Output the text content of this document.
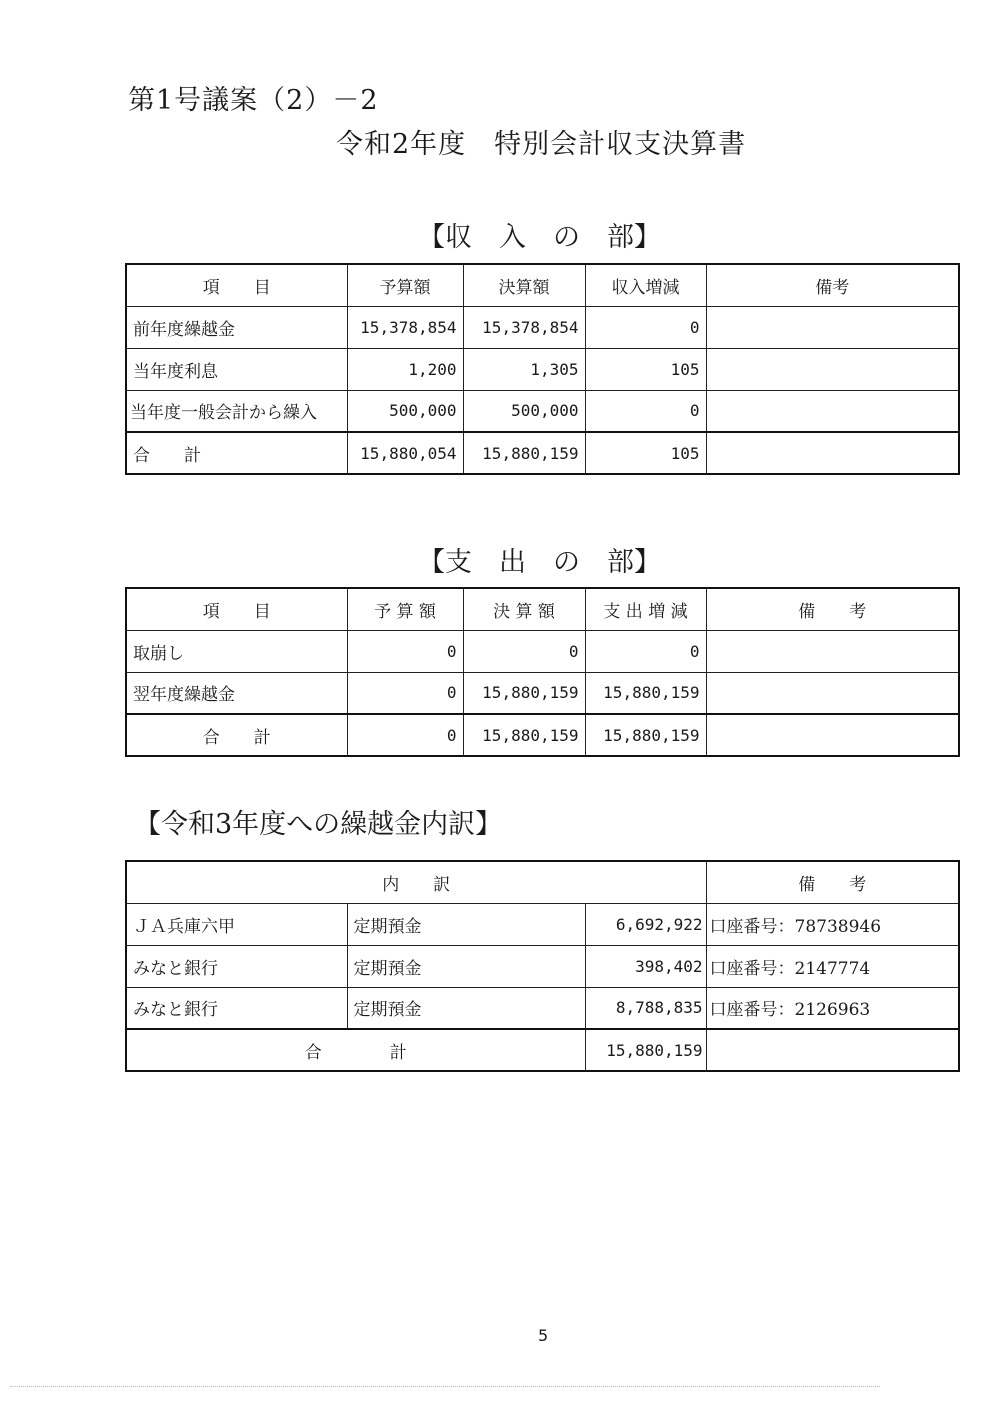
第1号議案（2）－2
令和2年度　特別会計収支決算書
【収　入　の　部】
項　　目	予算額	決算額	収入増減	備考
前年度繰越金	15,378,854	15,378,854	0	
当年度利息	1,200	1,305	105	
当年度一般会計から繰入	500,000	500,000	0	
合　　計	15,880,054	15,880,159	105	
【支　出　の　部】
項　　目	予 算 額	決 算 額	支 出 増 減	備　　考
取崩し	0	0	0	
翌年度繰越金	0	15,880,159	15,880,159	
合　　計	0	15,880,159	15,880,159	
【令和3年度への繰越金内訳】
内　　訳			備　　考
ＪＡ兵庫六甲	定期預金	6,692,922	口座番号：78738946
みなと銀行	定期預金	398,402	口座番号：2147774
みなと銀行	定期預金	8,788,835	口座番号：2126963
合　　　　計		15,880,159	
5
